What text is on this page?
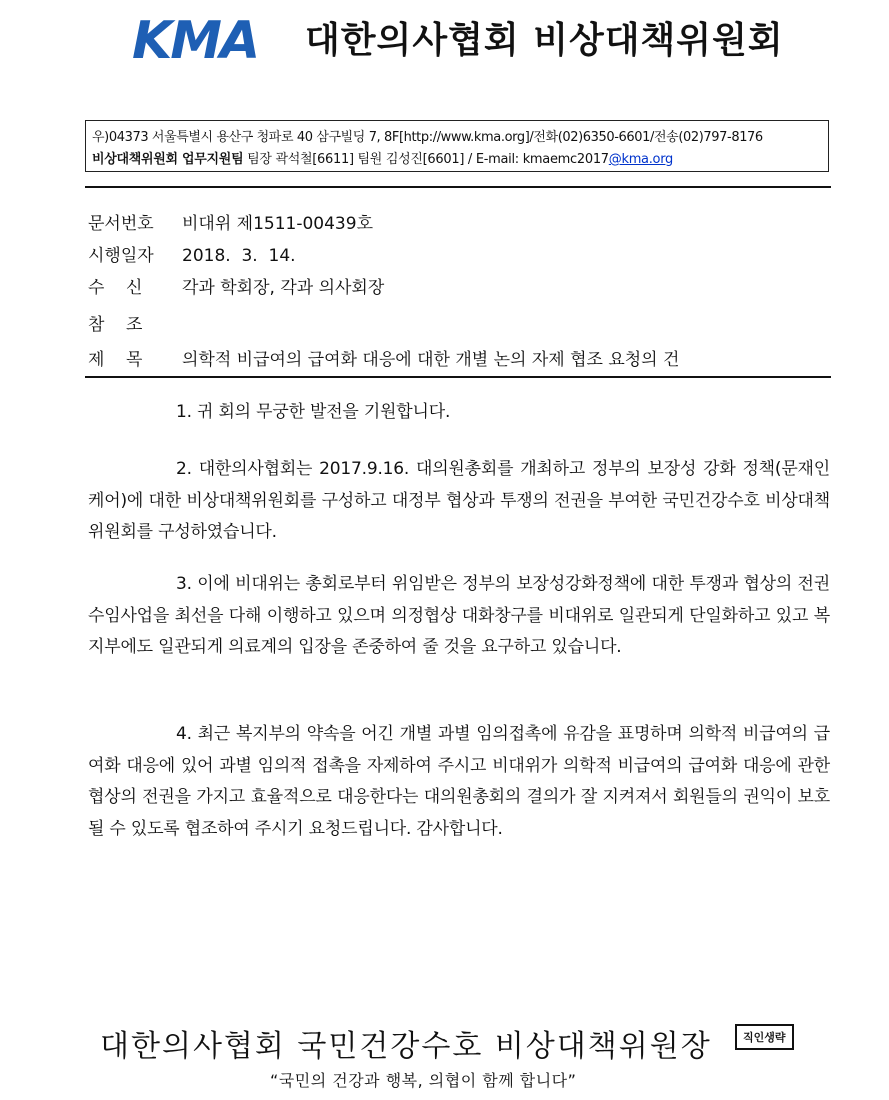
KMA 대한의사협회 비상대책위원회
우)04373 서울특별시 용산구 청파로 40 삼구빌딩 7, 8F[http://www.kma.org]/전화(02)6350-6601/전송(02)797-8176
비상대책위원회 업무지원팀 팀장 곽석철[6611] 팀원 김성진[6601] / E-mail: kmaemc2017@kma.org
문서번호 비대위 제1511-00439호
시행일자 2018.  3.  14.
수    신 각과 학회장, 각과 의사회장
참    조
제    목 의학적 비급여의 급여화 대응에 대한 개별 논의 자제 협조 요청의 건
1. 귀 회의 무궁한 발전을 기원합니다.
2. 대한의사협회는 2017.9.16. 대의원총회를 개최하고 정부의 보장성 강화 정책(문재인케어)에 대한 비상대책위원회를 구성하고 대정부 협상과 투쟁의 전권을 부여한 국민건강수호 비상대책위원회를 구성하였습니다.
3. 이에 비대위는 총회로부터 위임받은 정부의 보장성강화정책에 대한 투쟁과 협상의 전권 수임사업을 최선을 다해 이행하고 있으며 의정협상 대화창구를 비대위로 일관되게 단일화하고 있고 복지부에도 일관되게 의료계의 입장을 존중하여 줄 것을 요구하고 있습니다.
4. 최근 복지부의 약속을 어긴 개별 과별 임의접촉에 유감을 표명하며 의학적 비급여의 급여화 대응에 있어 과별 임의적 접촉을 자제하여 주시고 비대위가 의학적 비급여의 급여화 대응에 관한 협상의 전권을 가지고 효율적으로 대응한다는 대의원총회의 결의가 잘 지켜져서 회원들의 권익이 보호될 수 있도록 협조하여 주시기 요청드립니다. 감사합니다.
대한의사협회 국민건강수호 비상대책위원장	직인생략
“국민의 건강과 행복, 의협이 함께 합니다”
